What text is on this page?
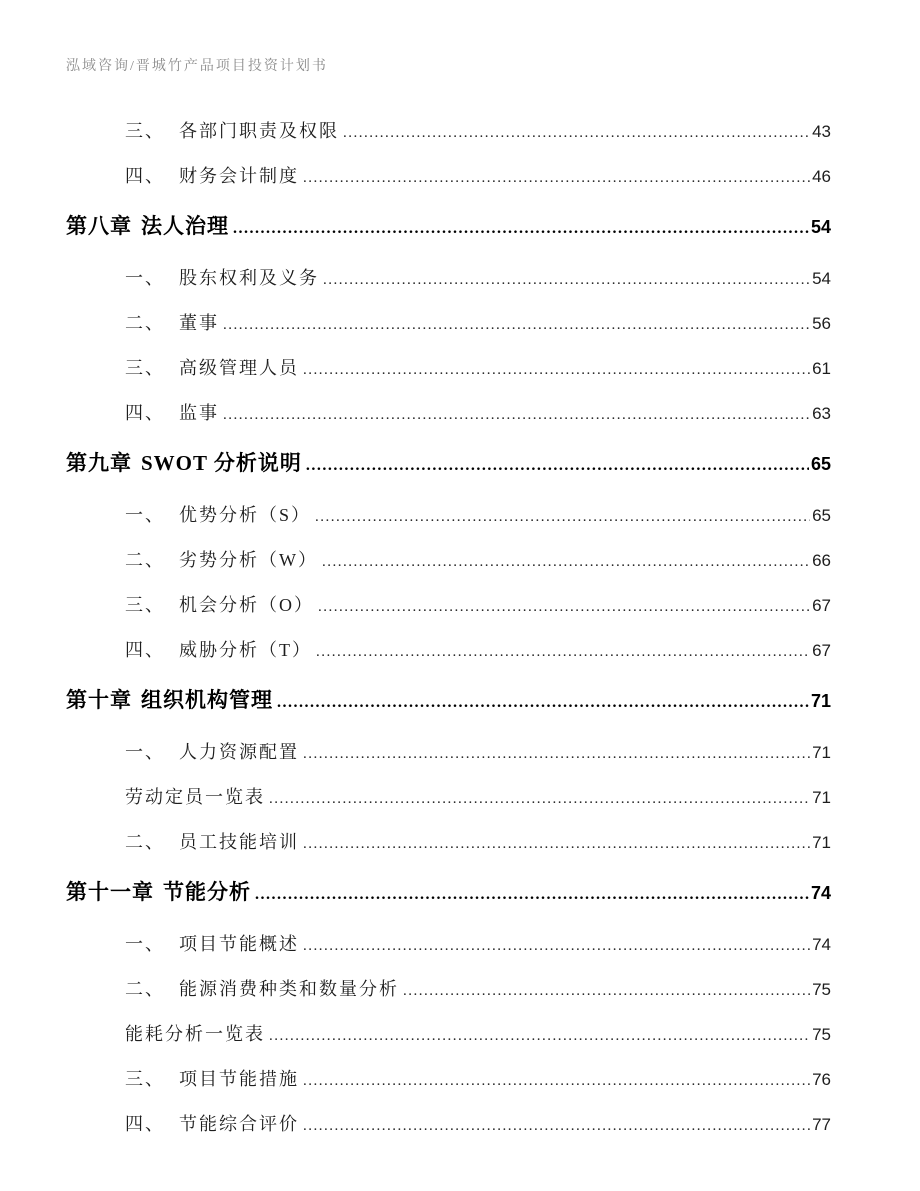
泓域咨询/晋城竹产品项目投资计划书
三、 各部门职责及权限 .....	43
四、 财务会计制度 .....	46
第八章 法人治理 .....	54
一、 股东权利及义务 .....	54
二、 董事 .....	56
三、 高级管理人员 .....	61
四、 监事 .....	63
第九章 SWOT 分析说明 .....	65
一、 优势分析（S） .....	65
二、 劣势分析（W） .....	66
三、 机会分析（O） .....	67
四、 威胁分析（T） .....	67
第十章 组织机构管理 .....	71
一、 人力资源配置 .....	71
劳动定员一览表 .....	71
二、 员工技能培训 .....	71
第十一章 节能分析 .....	74
一、 项目节能概述 .....	74
二、 能源消费种类和数量分析 .....	75
能耗分析一览表 .....	75
三、 项目节能措施 .....	76
四、 节能综合评价 .....	77
